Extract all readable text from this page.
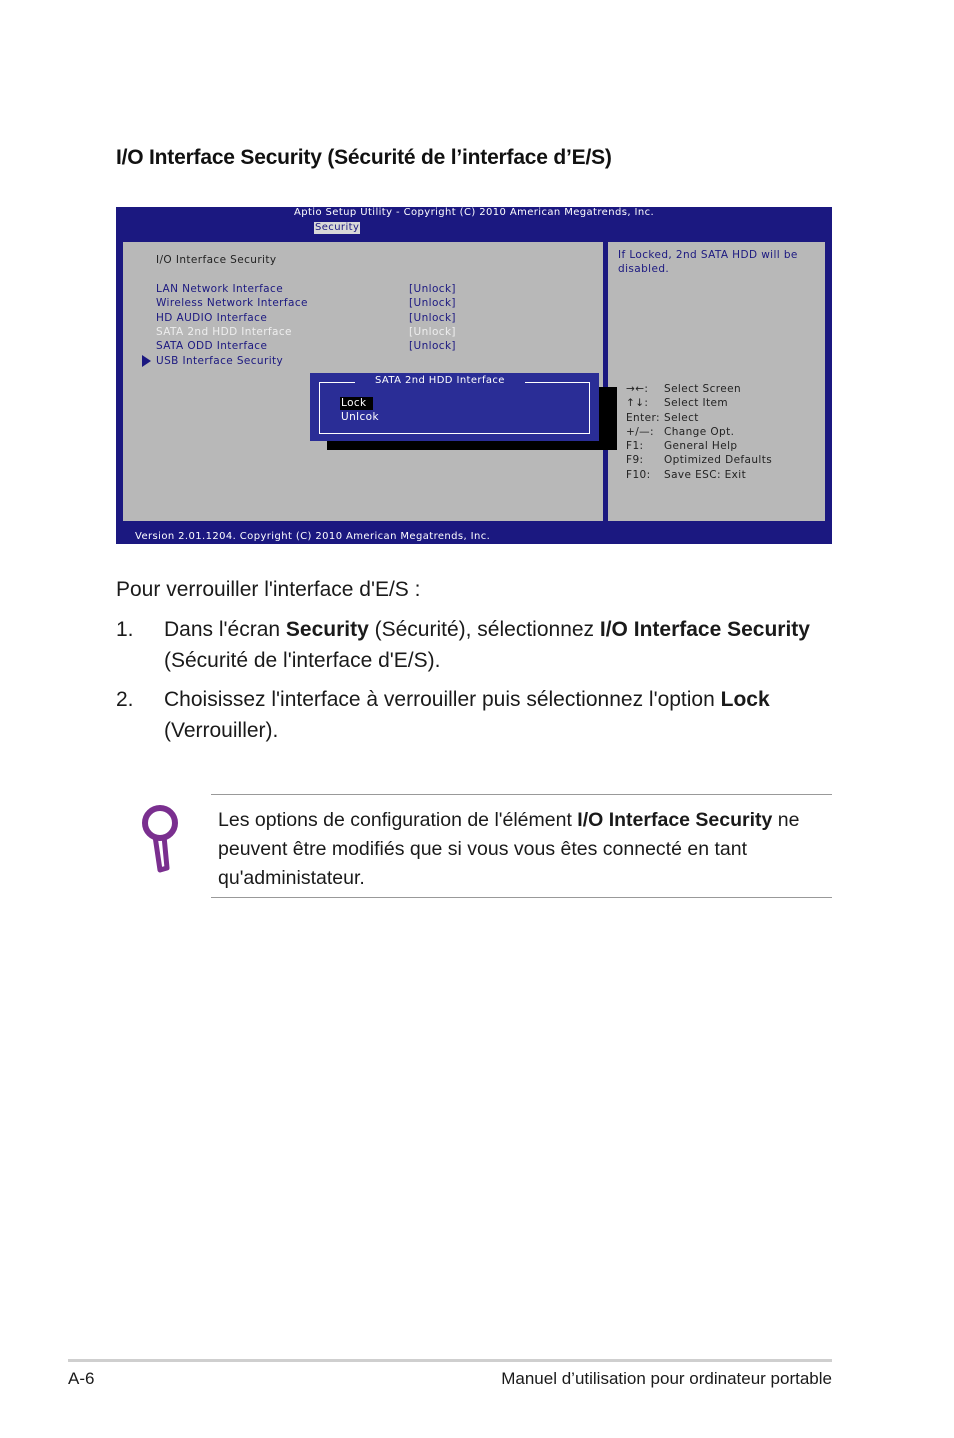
I/O Interface Security (Sécurité de l’interface d’E/S)
Aptio Setup Utility - Copyright (C) 2010 American Megatrends, Inc.
Security
I/O Interface Security
LAN Network Interface	[Unlock]
Wireless Network Interface	[Unlock]
HD AUDIO Interface	[Unlock]
SATA 2nd HDD Interface	[Unlock]
SATA ODD Interface	[Unlock]
USB Interface Security
If Locked, 2nd SATA HDD will be disabled.
→←: Select Screen
↑↓: Select Item
Enter: Select
+/—: Change Opt.
F1: General Help
F9: Optimized Defaults
F10: Save ESC: Exit
Lock
Unlcok
SATA 2nd HDD Interface
Version 2.01.1204. Copyright (C) 2010 American Megatrends, Inc.
Pour verrouiller l'interface d'E/S :
1. Dans l'écran Security (Sécurité), sélectionnez I/O Interface Security (Sécurité de l'interface d'E/S).
2. Choisissez l'interface à verrouiller puis sélectionnez l'option Lock (Verrouiller).
Les options de configuration de l'élément I/O Interface Security ne peuvent être modifiés que si vous vous êtes connecté en tant qu'administateur.
A-6	Manuel d’utilisation pour ordinateur portable
